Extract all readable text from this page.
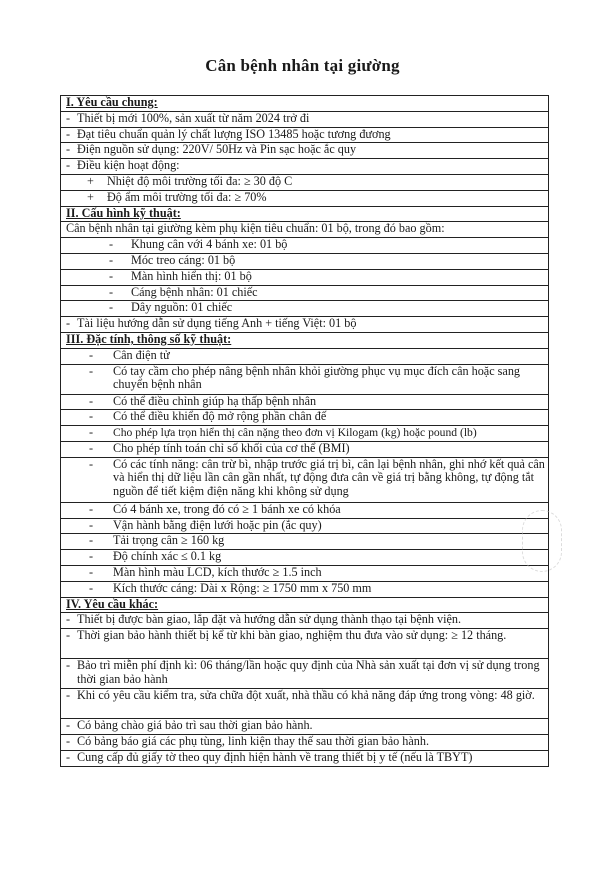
Cân bệnh nhân tại giường
I. Yêu cầu chung:
- Thiết bị mới 100%, sản xuất từ năm 2024 trở đi
- Đạt tiêu chuẩn quản lý chất lượng ISO 13485 hoặc tương đương
- Điện nguồn sử dụng: 220V/ 50Hz và Pin sạc hoặc ắc quy
- Điều kiện hoạt động:
+ Nhiệt độ môi trường tối đa: ≥ 30 độ C
+ Độ ẩm môi trường tối đa: ≥ 70%
II. Cấu hình kỹ thuật:
Cân bệnh nhân tại giường kèm phụ kiện tiêu chuẩn: 01 bộ, trong đó bao gồm:
- Khung cân với 4 bánh xe: 01 bộ
- Móc treo cáng: 01 bộ
- Màn hình hiển thị: 01 bộ
- Cáng bệnh nhân: 01 chiếc
- Dây nguồn: 01 chiếc
- Tài liệu hướng dẫn sử dụng tiếng Anh + tiếng Việt: 01 bộ
III. Đặc tính, thông số kỹ thuật:
- Cân điện tử

-	Có tay cầm cho phép nâng bệnh nhân khỏi giường phục vụ mục đích cân hoặc sang chuyển bệnh nhân

- Có thể điều chỉnh giúp hạ thấp bệnh nhân
- Có thể điều khiển độ mở rộng phần chân đế
- Cho phép lựa trọn hiển thị cân nặng theo đơn vị Kilogam (kg) hoặc pound (lb)
- Cho phép tính toán chỉ số khối của cơ thể (BMI)

-	Có các tính năng: cân trừ bì, nhập trước giá trị bì, cân lại bệnh nhân, ghi nhớ kết quả cân và hiển thị dữ liệu lần cân gần nhất, tự động đưa cân về giá trị bằng không, tự động tắt nguồn để tiết kiệm điện năng khi không sử dụng

- Có 4 bánh xe, trong đó có ≥ 1 bánh xe có khóa
- Vận hành bằng điện lưới hoặc pin (ắc quy)
- Tải trọng cân ≥ 160 kg
- Độ chính xác ≤ 0.1 kg
- Màn hình màu LCD, kích thước ≥ 1.5 inch
- Kích thước cáng: Dài x Rộng: ≥ 1750 mm x 750 mm
IV. Yêu cầu khác:
- Thiết bị được bàn giao, lắp đặt và hướng dẫn sử dụng thành thạo tại bệnh viện.

- Thời gian bảo hành thiết bị kể từ khi bàn giao, nghiệm thu đưa vào sử dụng: ≥ 12 tháng.

- Bảo trì miễn phí định kì: 06 tháng/lần hoặc quy định của Nhà sản xuất tại đơn vị sử dụng trong thời gian bảo hành

- Khi có yêu cầu kiểm tra, sửa chữa đột xuất, nhà thầu có khả năng đáp ứng trong vòng: 48 giờ.

- Có bảng chào giá bảo trì sau thời gian bảo hành.
- Có bảng báo giá các phụ tùng, linh kiện thay thế sau thời gian bảo hành.
- Cung cấp đủ giấy tờ theo quy định hiện hành về trang thiết bị y tế (nếu là TBYT)
